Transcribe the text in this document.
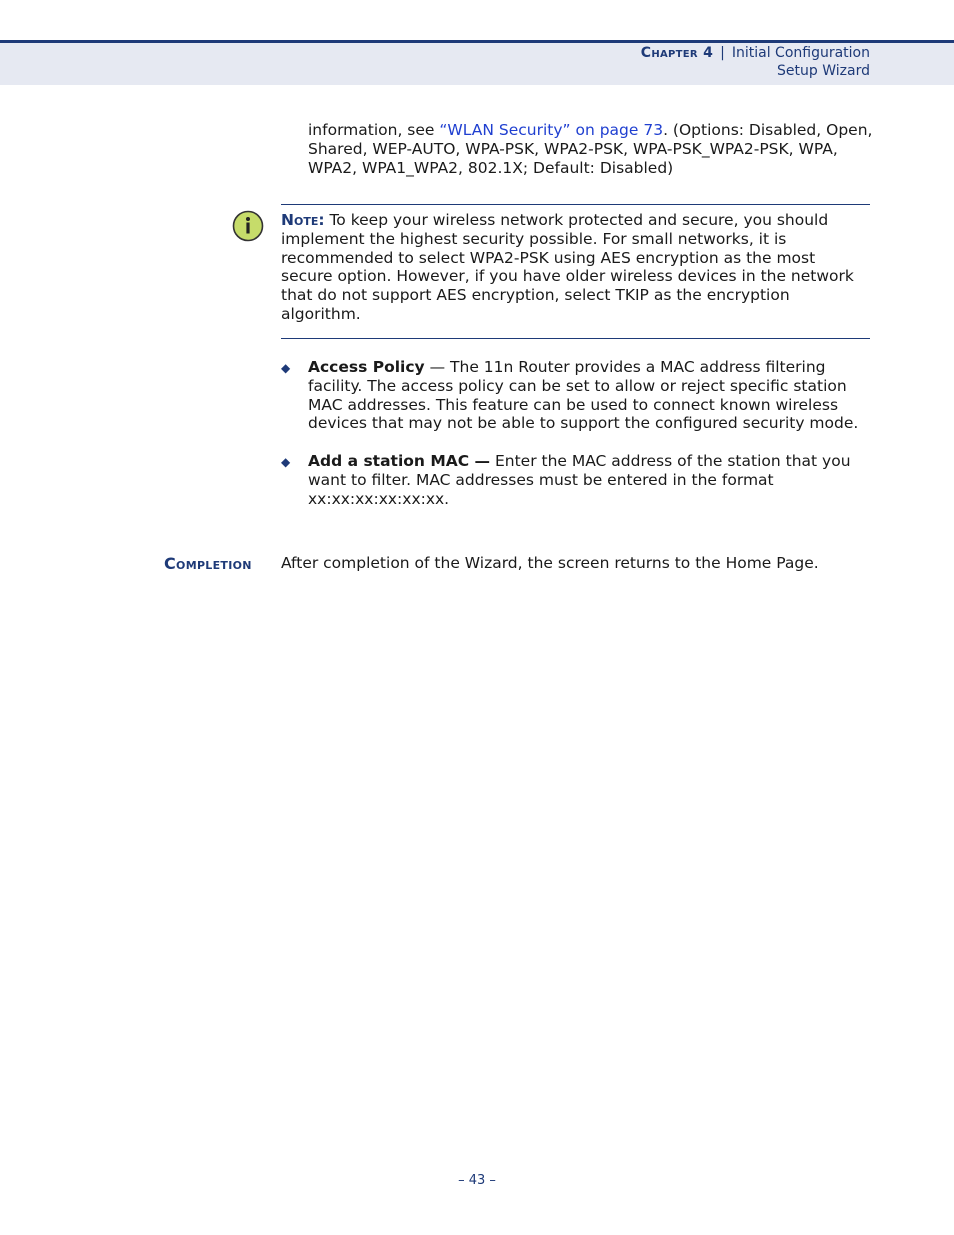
Chapter 4 | Initial Configuration
Setup Wizard
information, see “WLAN Security” on page 73. (Options: Disabled, Open, Shared, WEP-AUTO, WPA-PSK, WPA2-PSK, WPA-PSK_WPA2-PSK, WPA, WPA2, WPA1_WPA2, 802.1X; Default: Disabled)
Note: To keep your wireless network protected and secure, you should implement the highest security possible. For small networks, it is recommended to select WPA2-PSK using AES encryption as the most secure option. However, if you have older wireless devices in the network that do not support AES encryption, select TKIP as the encryption algorithm.
◆ Access Policy — The 11n Router provides a MAC address filtering facility. The access policy can be set to allow or reject specific station MAC addresses. This feature can be used to connect known wireless devices that may not be able to support the configured security mode.
◆ Add a station MAC — Enter the MAC address of the station that you want to filter. MAC addresses must be entered in the format xx:xx:xx:xx:xx:xx.
Completion After completion of the Wizard, the screen returns to the Home Page.
– 43 –
